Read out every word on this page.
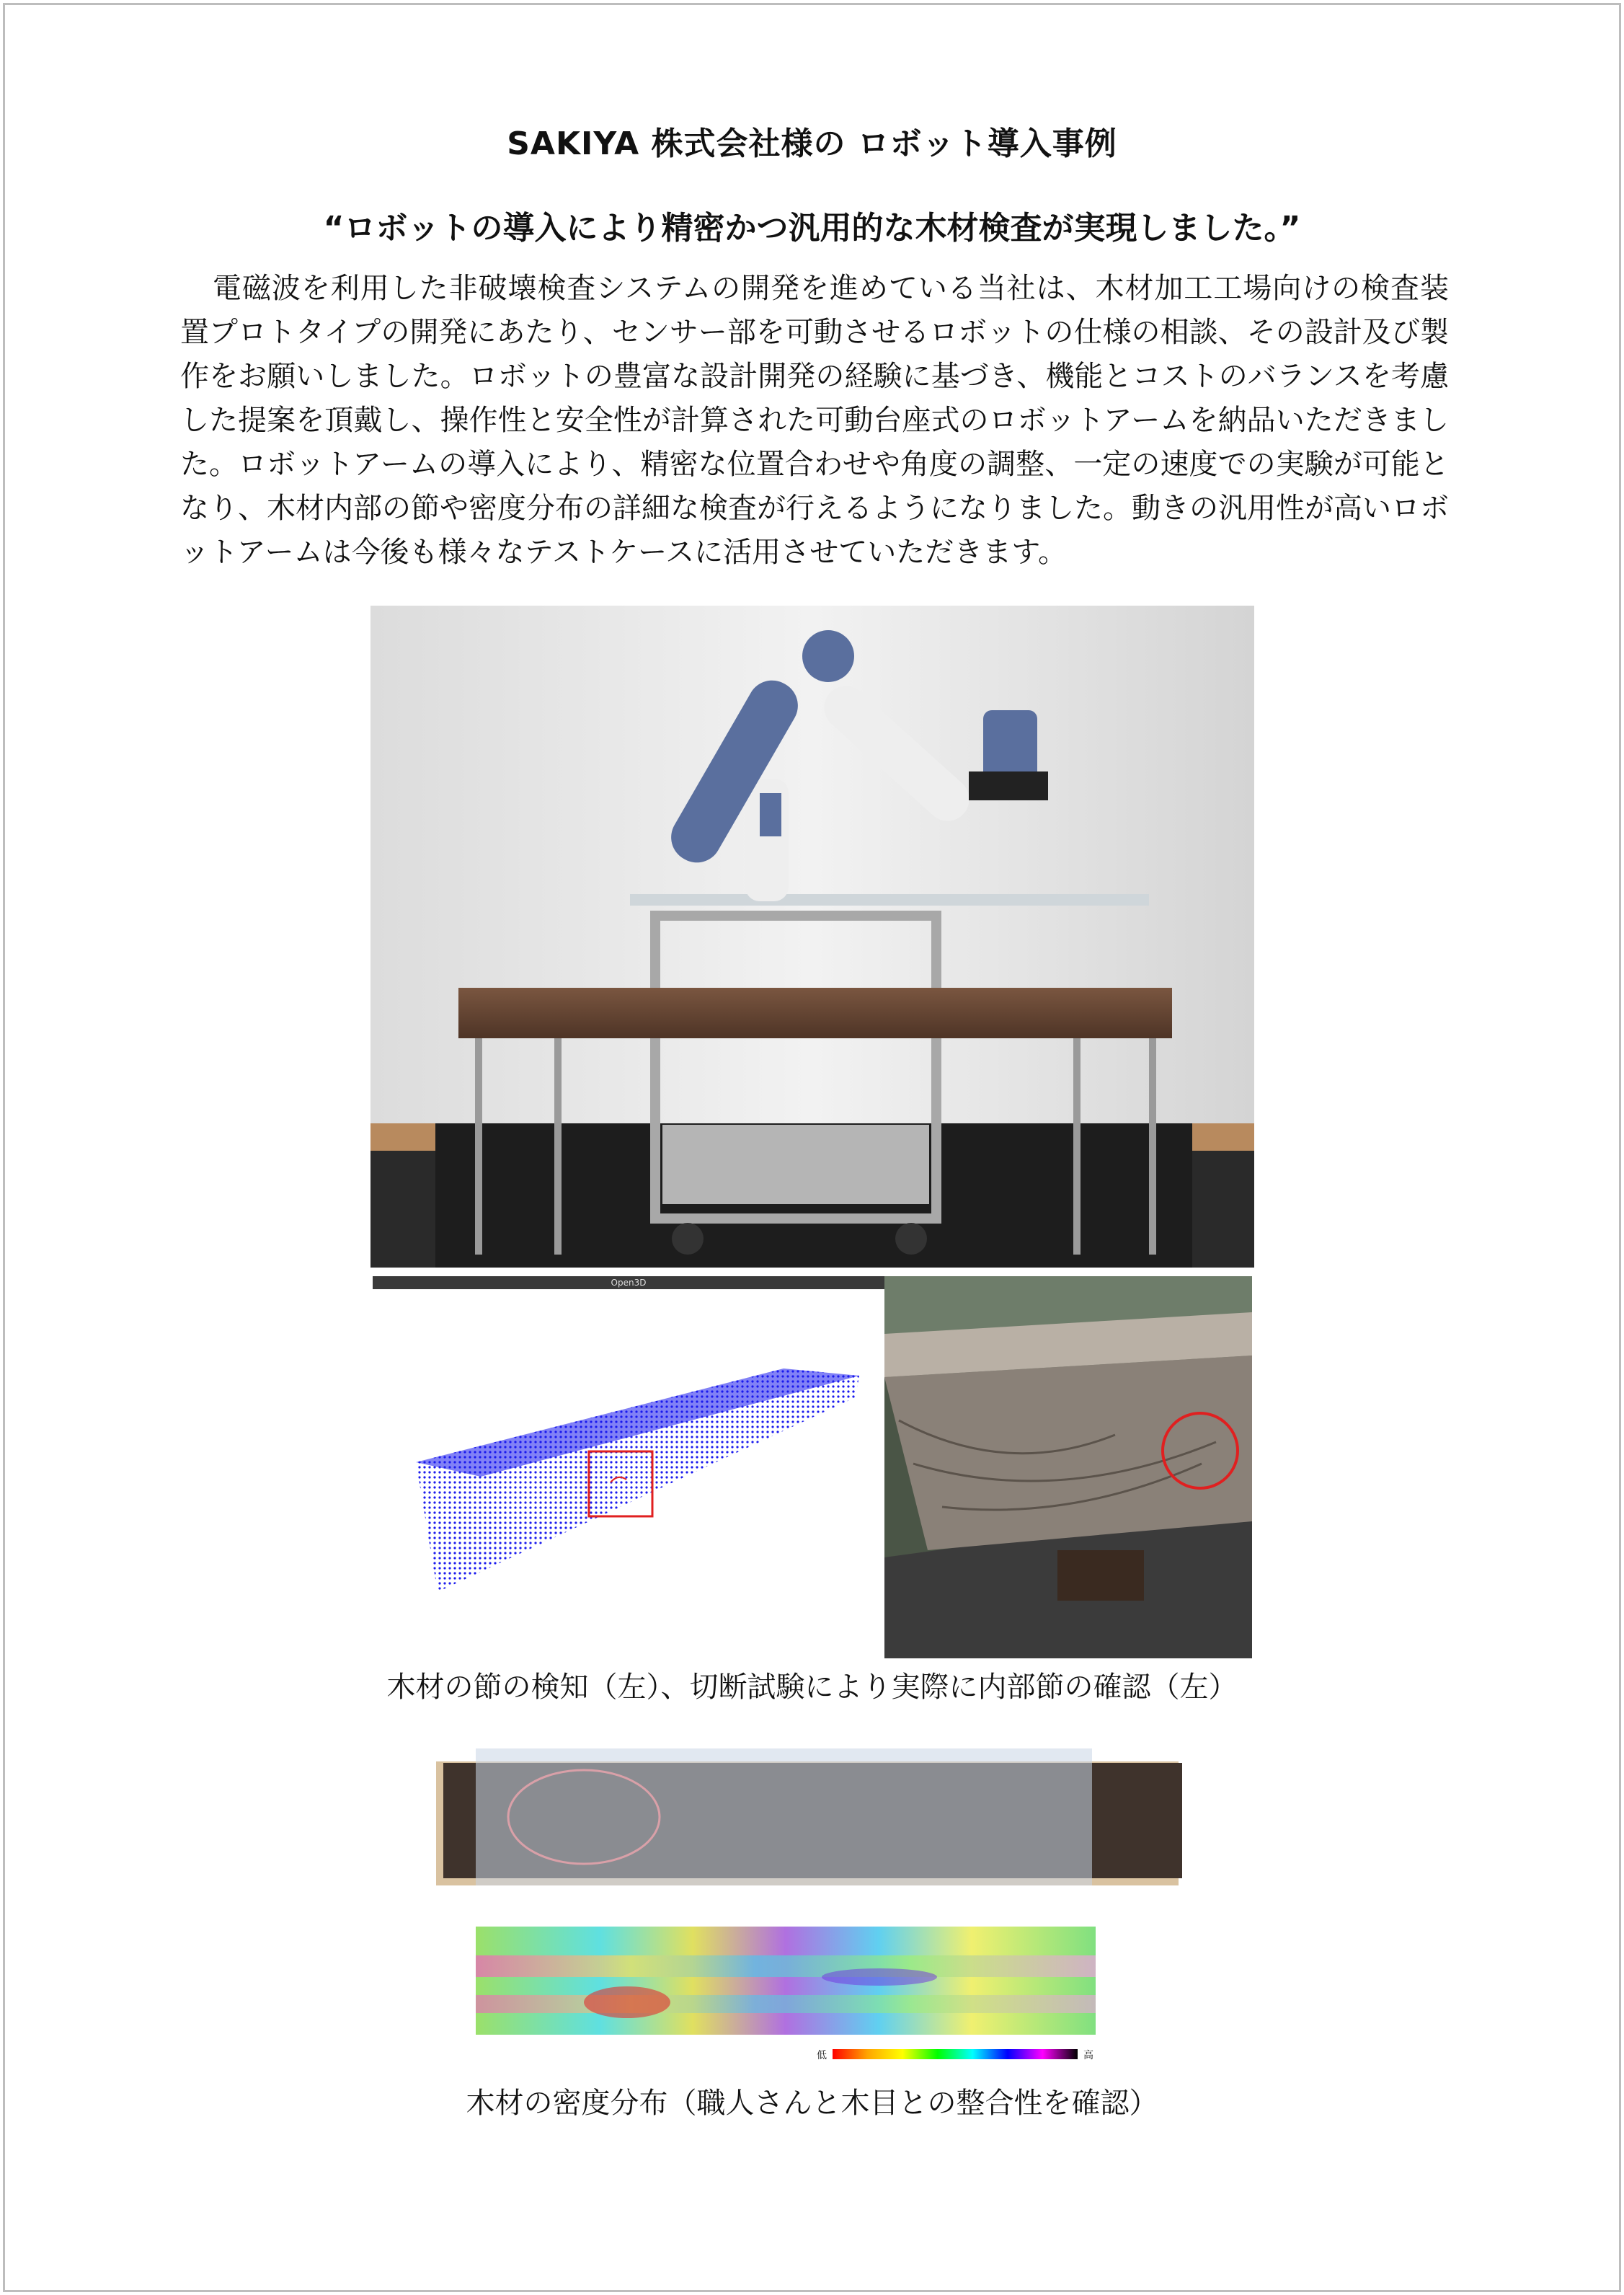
SAKIYA 株式会社様の ロボット導入事例
“ロボットの導入により精密かつ汎用的な木材検査が実現しました。”

電磁波を利用した非破壊検査システムの開発を進めている当社は、木材加工工場向けの検査装置プロトタイプの開発にあたり、センサー部を可動させるロボットの仕様の相談、その設計及び製作をお願いしました。ロボットの豊富な設計開発の経験に基づき、機能とコストのバランスを考慮した提案を頂戴し、操作性と安全性が計算された可動台座式のロボットアームを納品いただきました。ロボットアームの導入により、精密な位置合わせや角度の調整、一定の速度での実験が可能となり、木材内部の節や密度分布の詳細な検査が行えるようになりました。動きの汎用性が高いロボットアームは今後も様々なテストケースに活用させていただきます。

Open3D
木材の節の検知（左）、切断試験により実際に内部節の確認（左）
低	高
木材の密度分布（職人さんと木目との整合性を確認）
